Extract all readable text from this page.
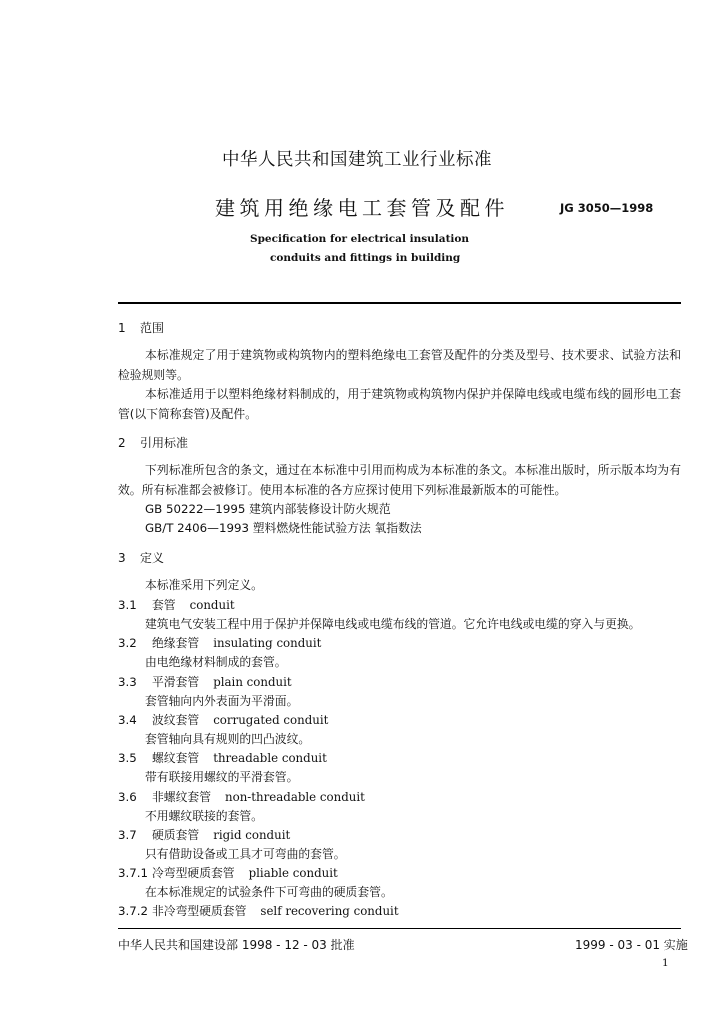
中华人民共和国建筑工业行业标准
建筑用绝缘电工套管及配件	JG 3050—1998
Specification for electrical insulation
conduits and fittings in building
1 范围
本标准规定了用于建筑物或构筑物内的塑料绝缘电工套管及配件的分类及型号、技术要求、试验方法和检验规则等。
本标准适用于以塑料绝缘材料制成的，用于建筑物或构筑物内保护并保障电线或电缆布线的圆形电工套管(以下简称套管)及配件。
2 引用标准
下列标准所包含的条文，通过在本标准中引用而构成为本标准的条文。本标准出版时，所示版本均为有效。所有标准都会被修订。使用本标准的各方应探讨使用下列标准最新版本的可能性。
GB 50222—1995 建筑内部装修设计防火规范
GB/T 2406—1993 塑料燃烧性能试验方法 氧指数法
3 定义
本标准采用下列定义。
3.1 套管 conduit
建筑电气安装工程中用于保护并保障电线或电缆布线的管道。它允许电线或电缆的穿入与更换。
3.2 绝缘套管 insulating conduit
由电绝缘材料制成的套管。
3.3 平滑套管 plain conduit
套管轴向内外表面为平滑面。
3.4 波纹套管 corrugated conduit
套管轴向具有规则的凹凸波纹。
3.5 螺纹套管 threadable conduit
带有联接用螺纹的平滑套管。
3.6 非螺纹套管 non-threadable conduit
不用螺纹联接的套管。
3.7 硬质套管 rigid conduit
只有借助设备或工具才可弯曲的套管。
3.7.1 冷弯型硬质套管 pliable conduit
在本标准规定的试验条件下可弯曲的硬质套管。
3.7.2 非冷弯型硬质套管 self recovering conduit
中华人民共和国建设部 1998 - 12 - 03 批准	1999 - 03 - 01 实施
1
